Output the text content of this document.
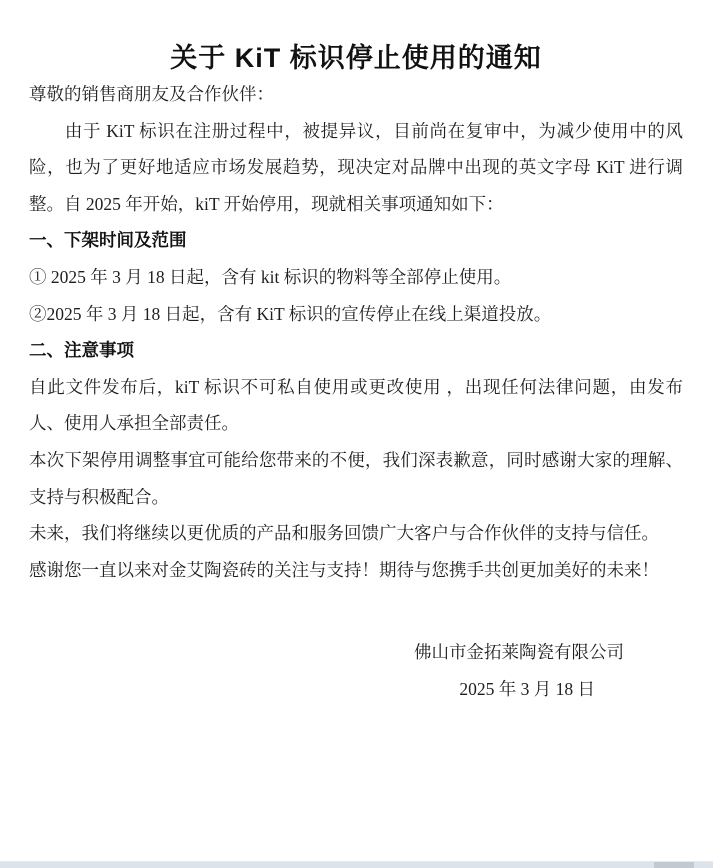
关于 KiT 标识停止使用的通知

尊敬的销售商朋友及合作伙伴：

由于 KiT 标识在注册过程中，被提异议，目前尚在复审中，为减少使用中的风险，也为了更好地适应市场发展趋势，现决定对品牌中出现的英文字母 KiT 进行调整。自 2025 年开始，kiT 开始停用，现就相关事项通知如下：

一、下架时间及范围

① 2025 年 3 月 18 日起，含有 kit 标识的物料等全部停止使用。

②2025 年 3 月 18 日起，含有 KiT 标识的宣传停止在线上渠道投放。

二、注意事项

自此文件发布后，kiT 标识不可私自使用或更改使用 ，出现任何法律问题，由发布人、使用人承担全部责任。

本次下架停用调整事宜可能给您带来的不便，我们深表歉意，同时感谢大家的理解、支持与积极配合。

未来，我们将继续以更优质的产品和服务回馈广大客户与合作伙伴的支持与信任。

感谢您一直以来对金艾陶瓷砖的关注与支持！期待与您携手共创更加美好的未来！

佛山市金拓莱陶瓷有限公司
2025 年 3 月 18 日
